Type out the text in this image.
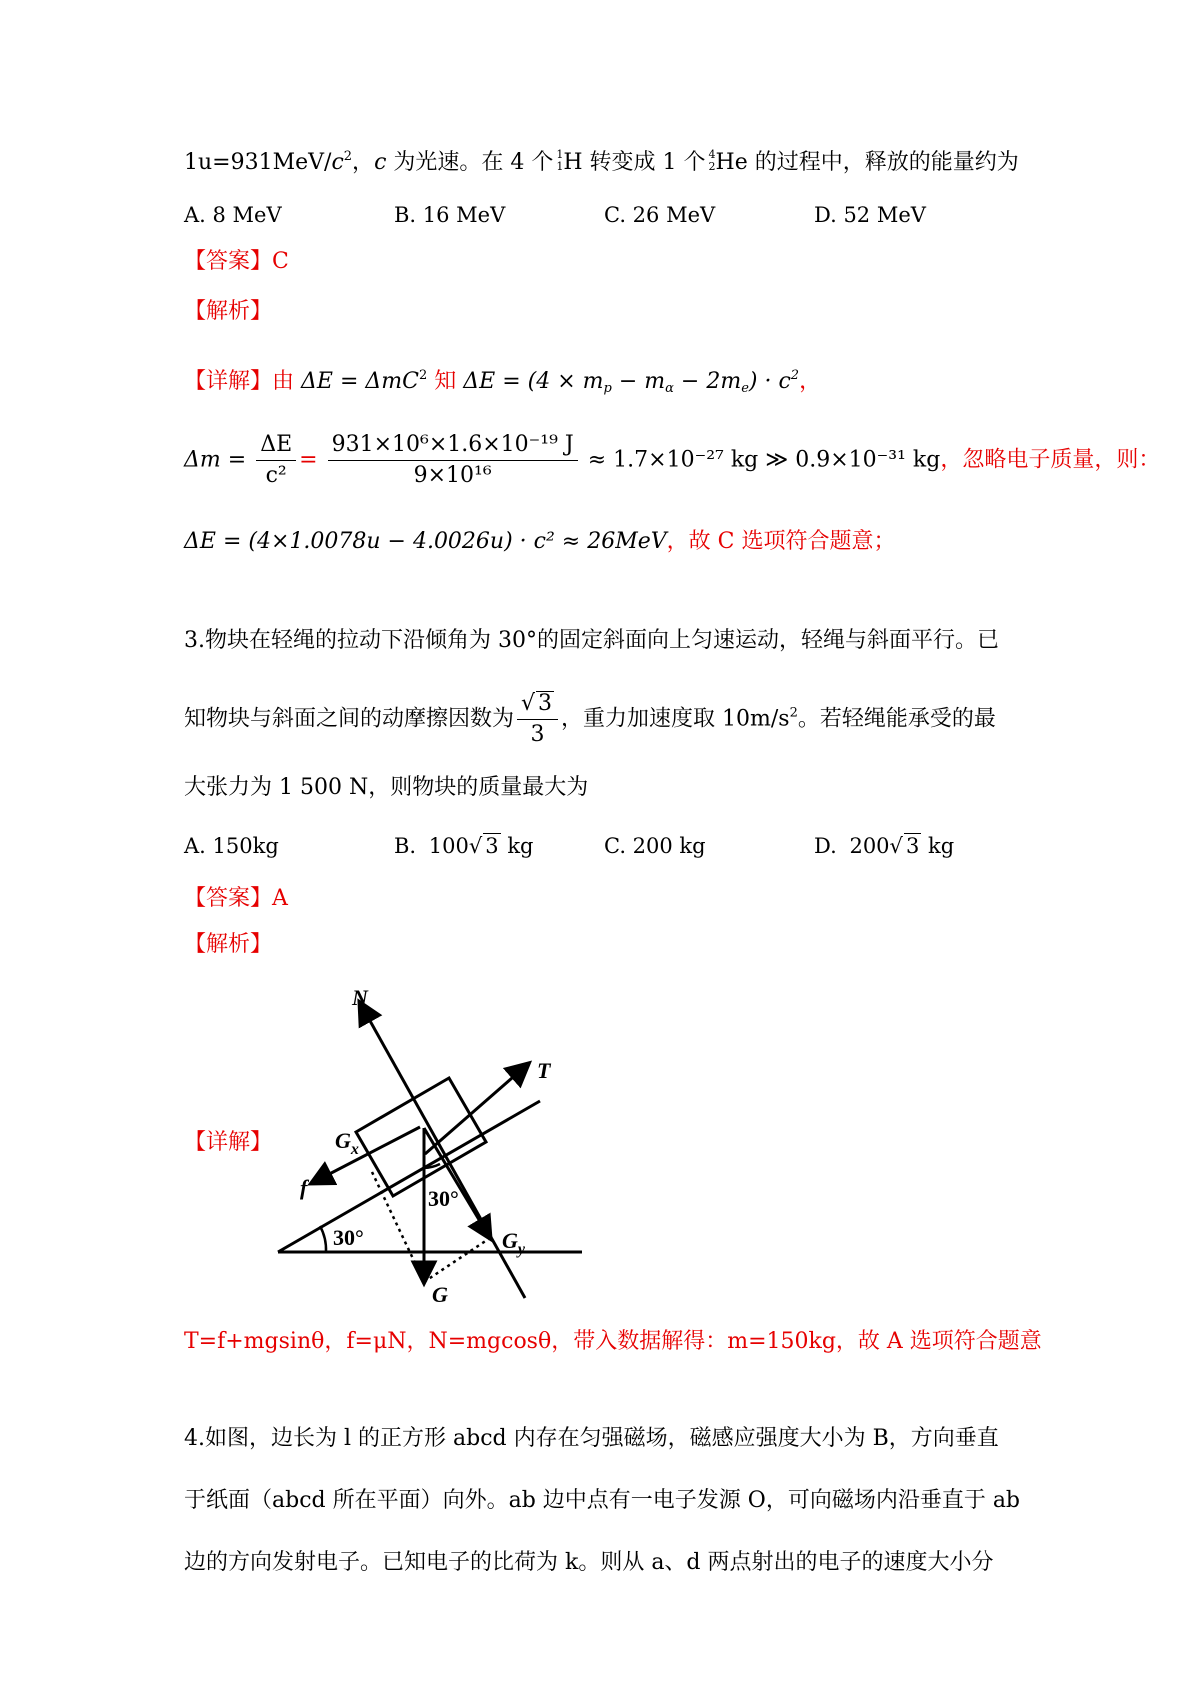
$1u=931MeV/c^2$，c 为光速。在 4 个 1
1 H 转变成 1 个 4
2 He 的过程中，释放的能量约为
A. 8 MeV	B. 16 MeV	C. 26 MeV	D. 52 MeV
【答案】C
【解析】
【详解】由 ΔE = ΔmC$^2$ 知 $\Delta E = (4 \times m_p - m_\alpha - 2m_e) \cdot c^2$，
$\Delta m = \frac{\Delta E}{\text{c²}} = \frac{\text{931×10⁶×1.6×10⁻¹⁹ J}}{\text{9×10¹⁶}} \approx 1.7\times 10^{-27}$ kg ≫ 0.9×10⁻³¹ kg，忽略电子质量，则：
ΔE = (4×1.0078u − 4.0026u) · c² ≈ 26MeV，故 C 选项符合题意；
3.物块在轻绳的拉动下沿倾角为 30°的固定斜面向上匀速运动，轻绳与斜面平行。已
知物块与斜面之间的动摩擦因数为 $\frac{√ 3}{3}$ ，重力加速度取 $10m/s^2$。若轻绳能承受的最
大张力为 1 500 N，则物块的质量最大为
A. 150kg	B. 100√ 3 kg	C. 200 kg	D. 200√ 3 kg
【答案】A
【解析】
【详解】
N
T
$G_x$
f	30°
30°	$G_y$
G
T=f+mgsinθ，f=μN，N=mgcosθ，带入数据解得：m=150kg，故 A 选项符合题意
4.如图，边长为 l 的正方形 abcd 内存在匀强磁场，磁感应强度大小为 B，方向垂直
于纸面（abcd 所在平面）向外。ab 边中点有一电子发源 O，可向磁场内沿垂直于 ab
边的方向发射电子。已知电子的比荷为 k。则从 a、d 两点射出的电子的速度大小分
